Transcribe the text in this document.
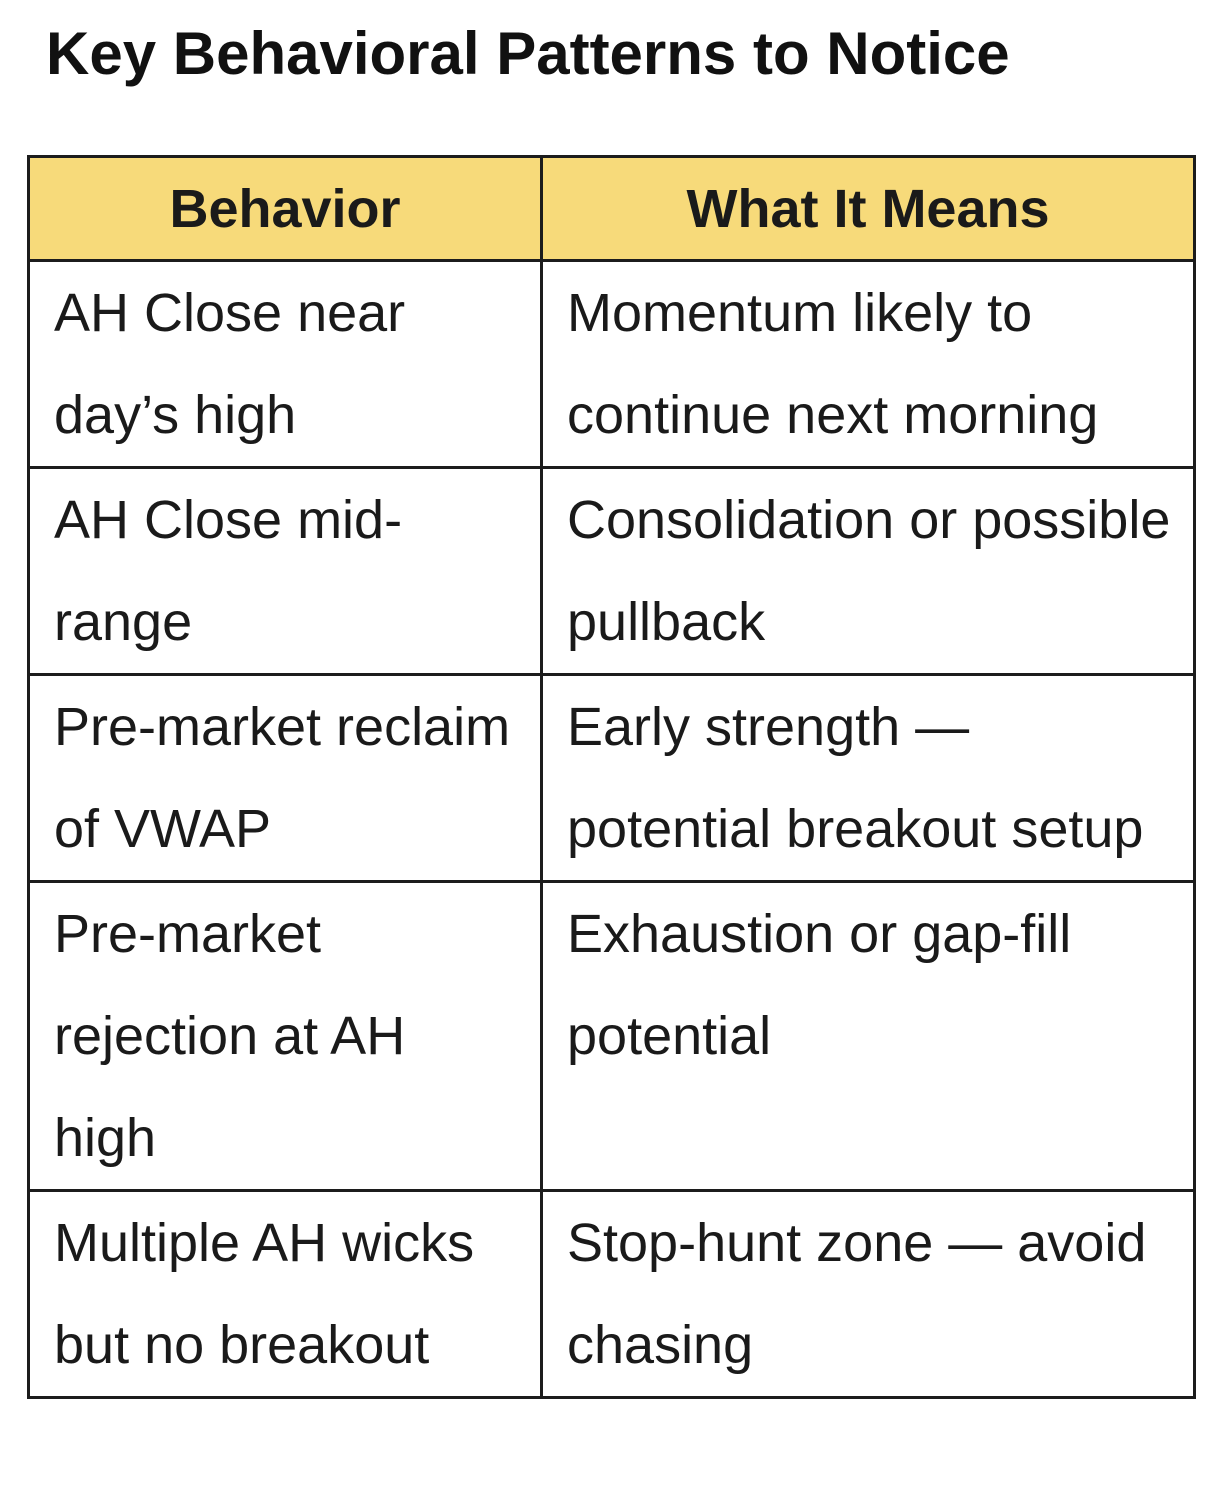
Key Behavioral Patterns to Notice
Behavior	What It Means
AH Close near day’s high	Momentum likely to continue next morning
AH Close mid-range	Consolidation or possible pullback
Pre-market reclaim of VWAP	Early strength — potential breakout setup
Pre-market rejection at AH high	Exhaustion or gap-fill potential
Multiple AH wicks but no breakout	Stop-hunt zone — avoid chasing
